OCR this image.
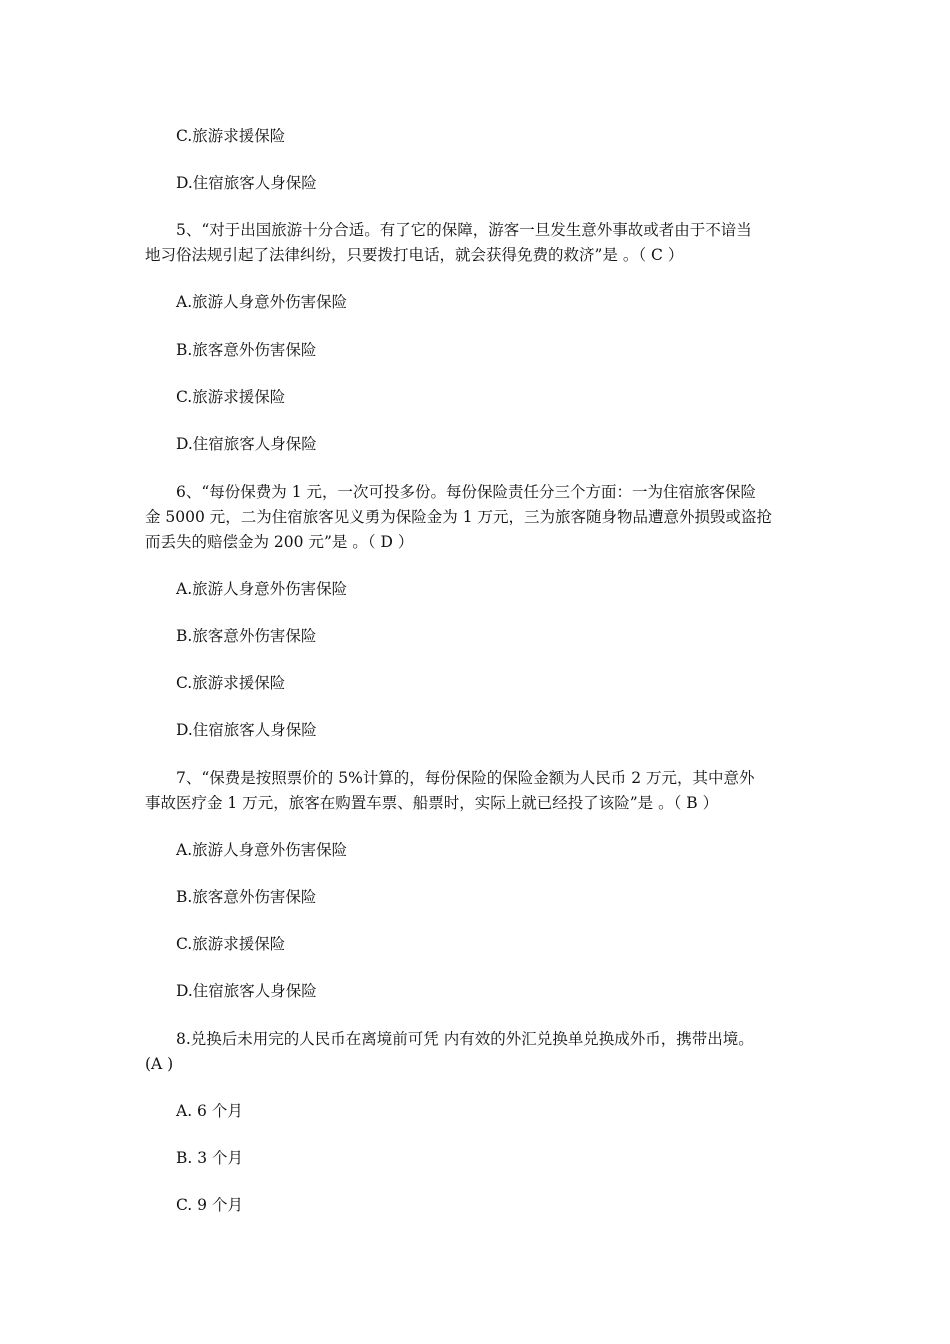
C.旅游求援保险
D.住宿旅客人身保险
5、“对于出国旅游十分合适。有了它的保障，游客一旦发生意外事故或者由于不谙当
地习俗法规引起了法律纠纷，只要拨打电话，就会获得免费的救济”是 。（ C ）
A.旅游人身意外伤害保险
B.旅客意外伤害保险
C.旅游求援保险
D.住宿旅客人身保险
6、“每份保费为 1 元，一次可投多份。每份保险责任分三个方面：一为住宿旅客保险
金 5000 元，二为住宿旅客见义勇为保险金为 1 万元，三为旅客随身物品遭意外损毁或盗抢
而丢失的赔偿金为 200 元”是 。（ D ）
A.旅游人身意外伤害保险
B.旅客意外伤害保险
C.旅游求援保险
D.住宿旅客人身保险
7、“保费是按照票价的 5%计算的，每份保险的保险金额为人民币 2 万元，其中意外
事故医疗金 1 万元，旅客在购置车票、船票时，实际上就已经投了该险”是 。（ B ）
A.旅游人身意外伤害保险
B.旅客意外伤害保险
C.旅游求援保险
D.住宿旅客人身保险
8.兑换后未用完的人民币在离境前可凭 内有效的外汇兑换单兑换成外币，携带出境。
(A )
A. 6 个月
B. 3 个月
C. 9 个月
